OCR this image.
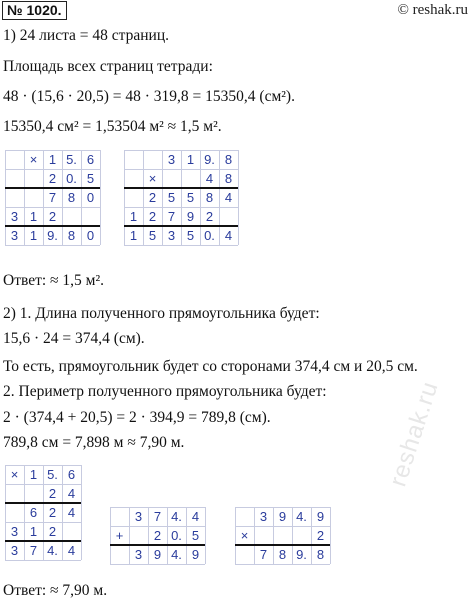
№ 1020.	© reshak.ru
reshak.ru
1) 24 листа = 48 страниц.
Площадь всех страниц тетради:
48 · (15,6 · 20,5) = 48 · 319,8 = 15350,4 (см²).
15350,4 см² = 1,53504 м² ≈ 1,5 м².
× 1 5. 6
2 0. 5
7 8 0
3 1 2
3 1 9. 8 0
3 1 9. 8
×	4 8
2 5 5 8 4
1 2 7 9 2
1 5 3 5 0. 4
Ответ: ≈ 1,5 м².
2) 1. Длина полученного прямоугольника будет:
15,6 · 24 = 374,4 (см).
То есть, прямоугольник будет со сторонами 374,4 см и 20,5 см.
2. Периметр полученного прямоугольника будет:
2 · (374,4 + 20,5) = 2 · 394,9 = 789,8 (см).
789,8 см = 7,898 м ≈ 7,90 м.
× 1 5. 6
2 4
6 2 4
3 1 2
3 7 4. 4
3 7 4. 4
+	2 0. 5
3 9 4. 9
3 9 4. 9
×	2
7 8 9. 8
Ответ: ≈ 7,90 м.
